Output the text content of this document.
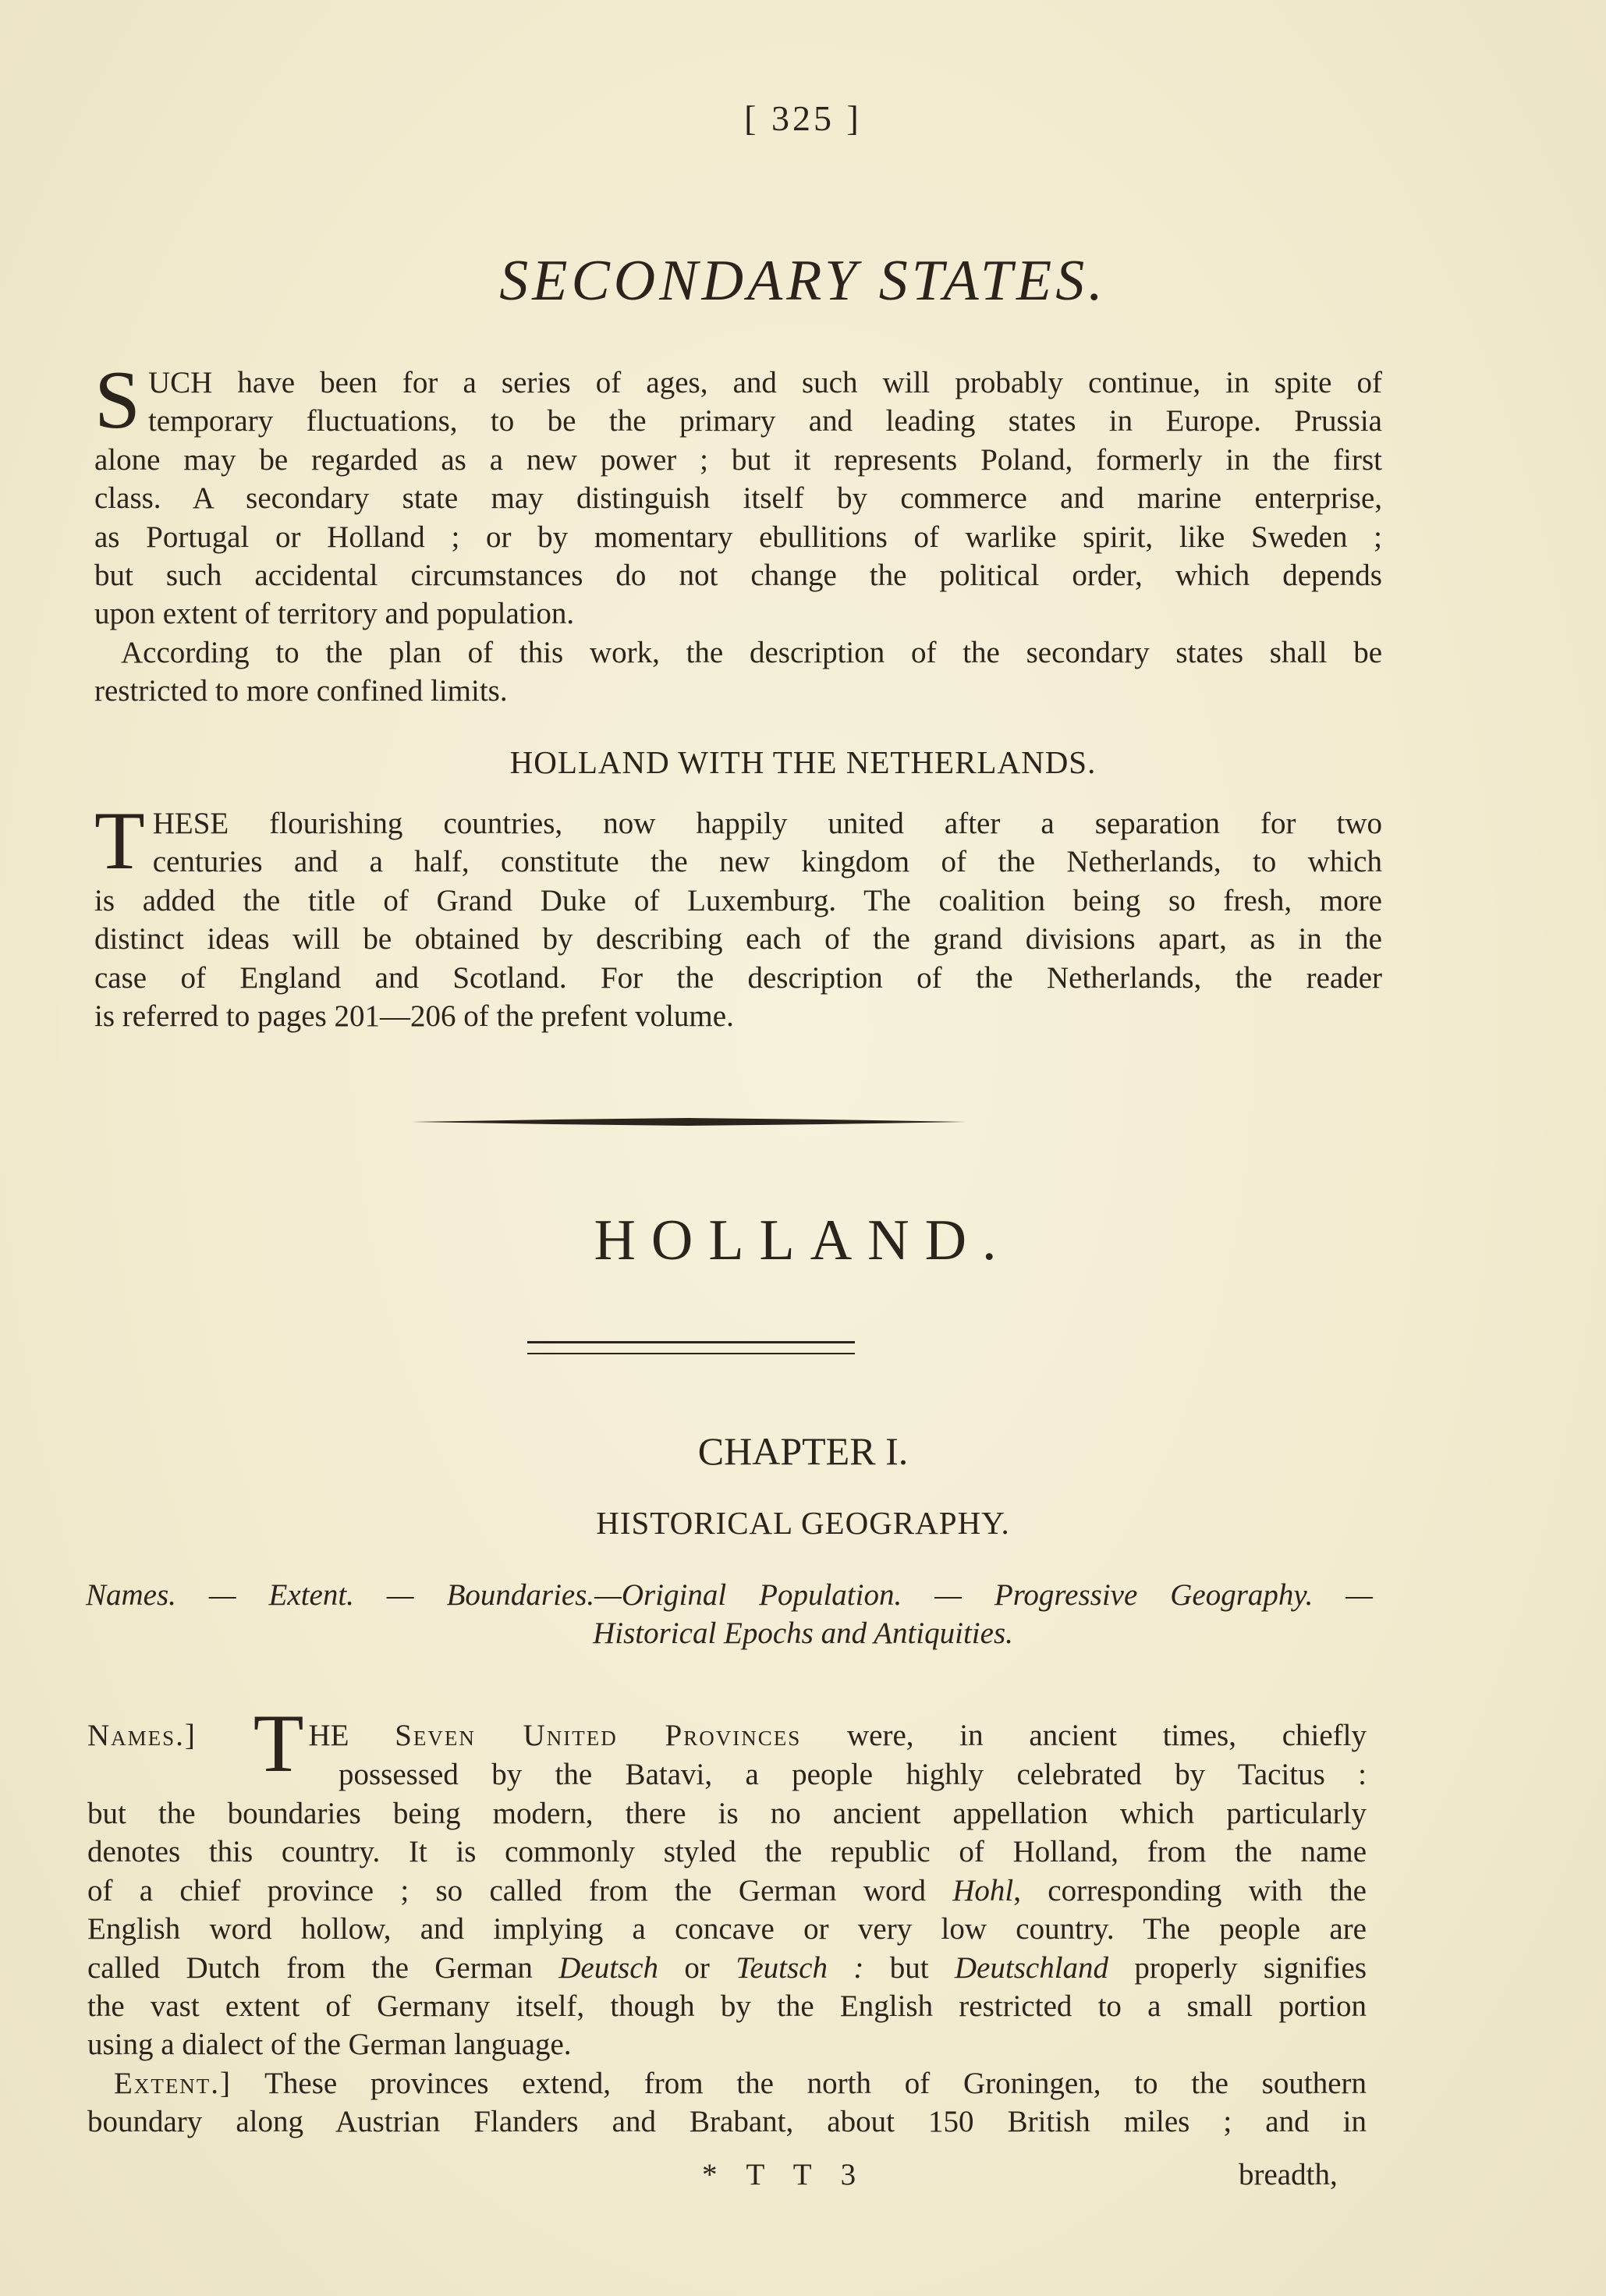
[ 325 ]
SECONDARY STATES.
S UCH have been for a series of ages, and such will probably continue, in spite of
temporary fluctuations, to be the primary and leading states in Europe. Prussia
alone may be regarded as a new power ; but it represents Poland, formerly in the first
class. A secondary state may distinguish itself by commerce and marine enterprise,
as Portugal or Holland ; or by momentary ebullitions of warlike spirit, like Sweden ;
but such accidental circumstances do not change the political order, which depends
upon extent of territory and population.
According to the plan of this work, the description of the secondary states shall be
restricted to more confined limits.
HOLLAND WITH THE NETHERLANDS.
T HESE flourishing countries, now happily united after a separation for two
centuries and a half, constitute the new kingdom of the Netherlands, to which
is added the title of Grand Duke of Luxemburg. The coalition being so fresh, more
distinct ideas will be obtained by describing each of the grand divisions apart, as in the
case of England and Scotland. For the description of the Netherlands, the reader
is referred to pages 201—206 of the prefent volume.
HOLLAND.
CHAPTER I.
HISTORICAL GEOGRAPHY.
Names. — Extent. — Boundaries.—Original Population. — Progressive Geography. —
Historical Epochs and Antiquities.
Names.] T HE Seven United Provinces were, in ancient times, chiefly
possessed by the Batavi, a people highly celebrated by Tacitus :
but the boundaries being modern, there is no ancient appellation which particularly
denotes this country. It is commonly styled the republic of Holland, from the name
of a chief province ; so called from the German word Hohl, corresponding with the
English word hollow, and implying a concave or very low country. The people are
called Dutch from the German Deutsch or Teutsch : but Deutschland properly signifies
the vast extent of Germany itself, though by the English restricted to a small portion
using a dialect of the German language.
Extent.] These provinces extend, from the north of Groningen, to the southern
boundary along Austrian Flanders and Brabant, about 150 British miles ; and in
* T T 3	breadth,
